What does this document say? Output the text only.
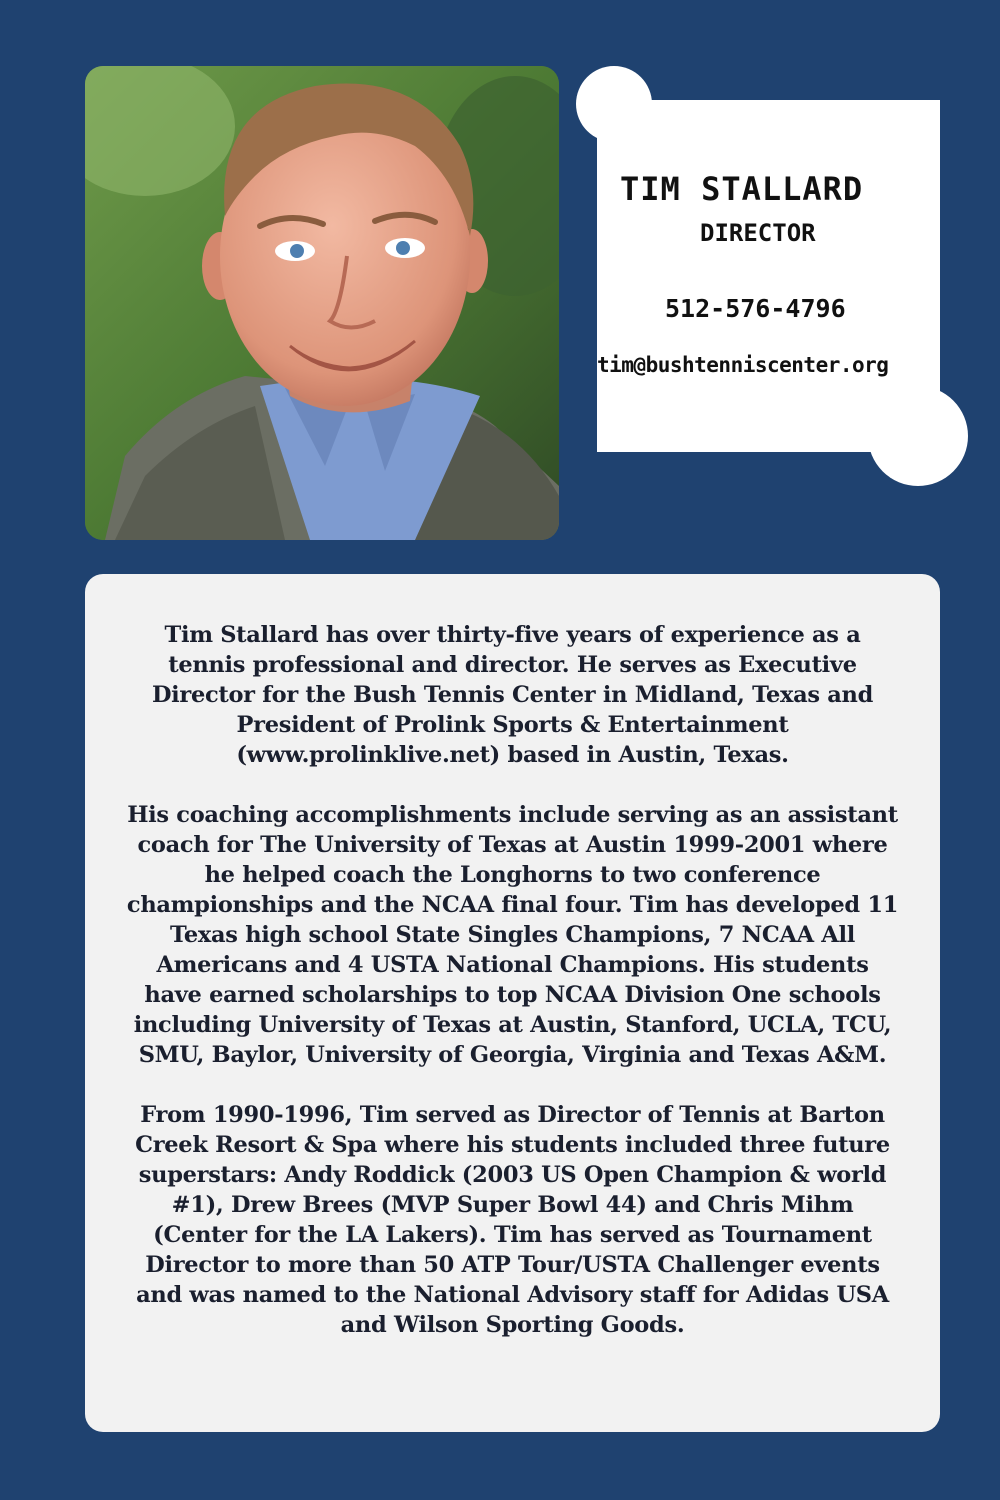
TIM STALLARD
DIRECTOR
512-576-4796
tim@bushtenniscenter.org

Tim Stallard has over thirty-five years of experience as a tennis professional and director. He serves as Executive Director for the Bush Tennis Center in Midland, Texas and President of Prolink Sports & Entertainment (www.prolinklive.net) based in Austin, Texas.

His coaching accomplishments include serving as an assistant coach for The University of Texas at Austin 1999-2001 where he helped coach the Longhorns to two conference championships and the NCAA final four. Tim has developed 11 Texas high school State Singles Champions, 7 NCAA All Americans and 4 USTA National Champions. His students have earned scholarships to top NCAA Division One schools including University of Texas at Austin, Stanford, UCLA, TCU, SMU, Baylor, University of Georgia, Virginia and Texas A&M.

From 1990-1996, Tim served as Director of Tennis at Barton Creek Resort & Spa where his students included three future superstars: Andy Roddick (2003 US Open Champion & world #1), Drew Brees (MVP Super Bowl 44) and Chris Mihm (Center for the LA Lakers). Tim has served as Tournament Director to more than 50 ATP Tour/USTA Challenger events and was named to the National Advisory staff for Adidas USA and Wilson Sporting Goods.
